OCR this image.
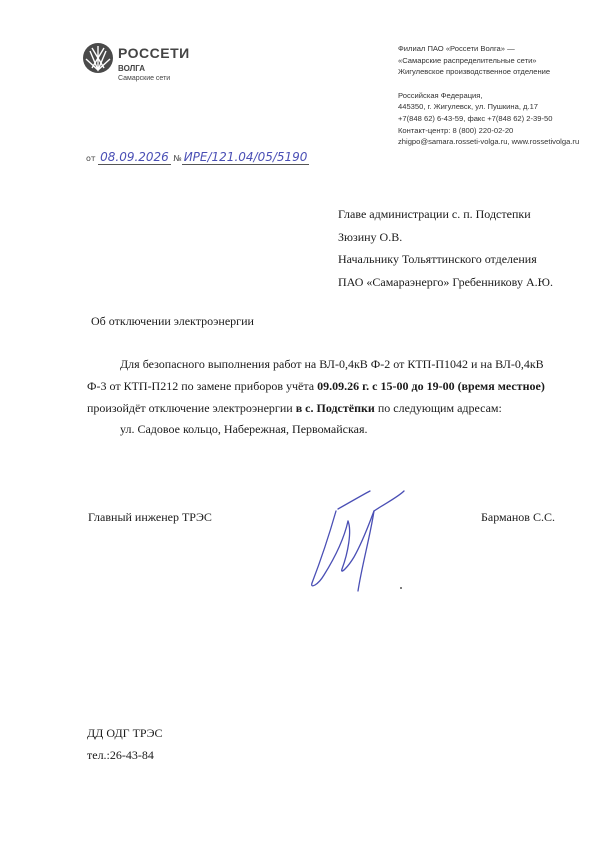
РОССЕТИ
ВОЛГА
Самарские сети
Филиал ПАО «Россети Волга» —
«Самарские распределительные сети»
Жигулевское производственное отделение
Российская Федерация,
445350, г. Жигулевск, ул. Пушкина, д.17
+7(848 62) 6-43-59, факс +7(848 62) 2-39-50
Контакт-центр: 8 (800) 220-02-20
zhigpo@samara.rosseti-volga.ru, www.rossetivolga.ru
от 08.09.2026 № ИРЕ/121.04/05/5190
Главе администрации с. п. Подстепки
Зюзину О.В.
Начальнику Тольяттинского отделения
ПАО «Самараэнерго» Гребенникову А.Ю.
Об отключении электроэнергии
Для безопасного выполнения работ на ВЛ-0,4кВ Ф-2 от КТП-П1042 и на ВЛ-0,4кВ
Ф-3 от КТП-П212 по замене приборов учёта 09.09.26 г. с 15-00 до 19-00 (время местное)
произойдёт отключение электроэнергии в с. Подстёпки по следующим адресам:
ул. Садовое кольцо, Набережная, Первомайская.
Главный инженер ТРЭС	Барманов С.С.
ДД ОДГ ТРЭС
тел.:26-43-84
